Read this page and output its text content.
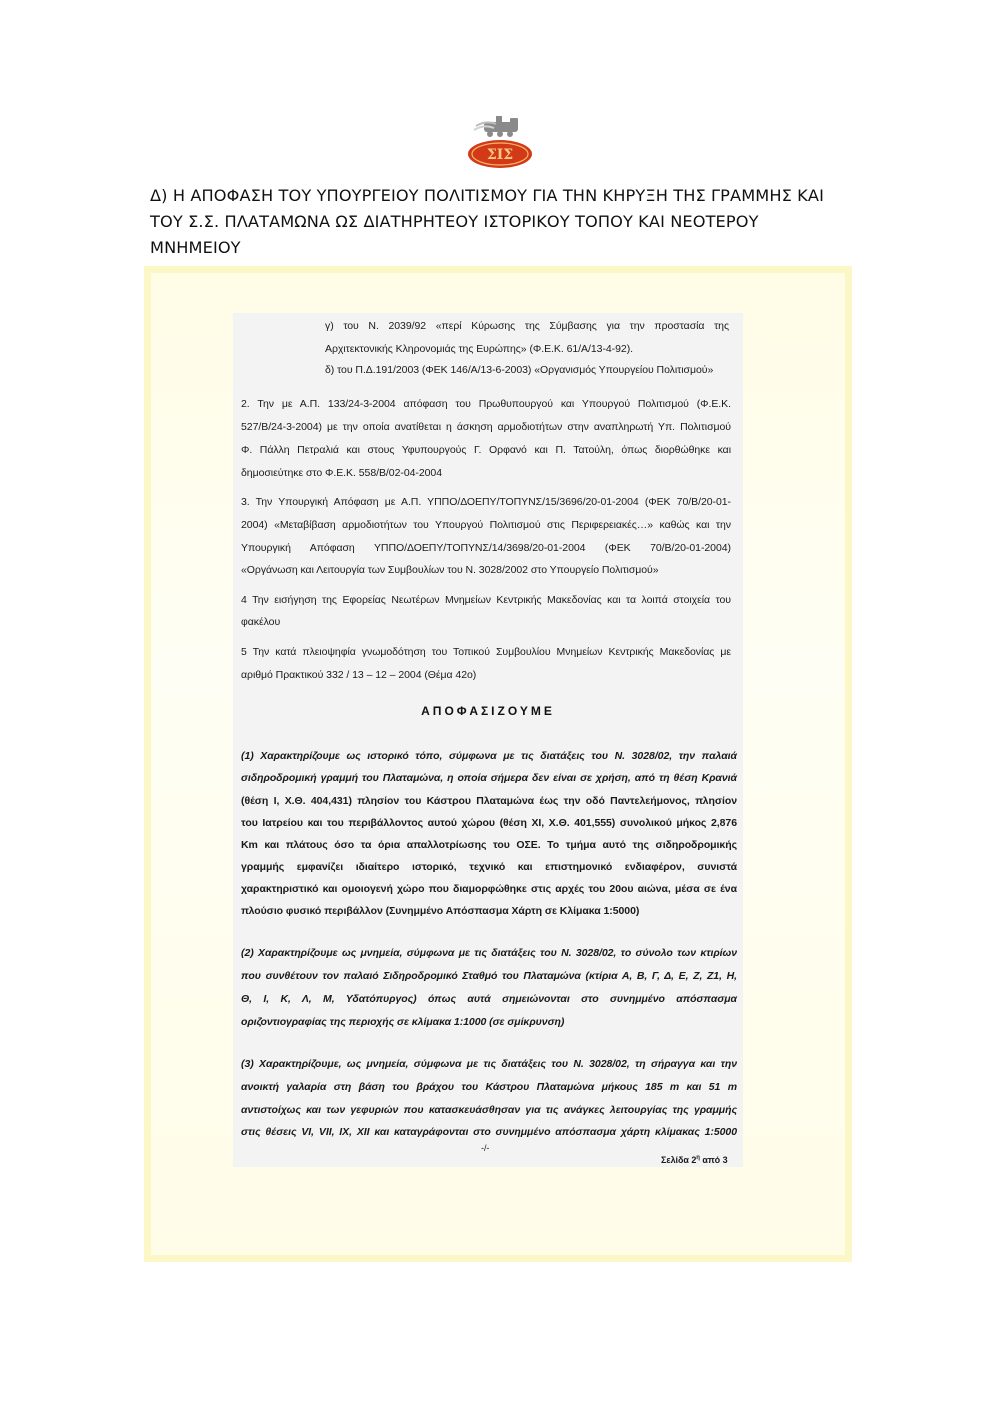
ΣΙΣ
Δ) Η ΑΠΟΦΑΣΗ ΤΟΥ ΥΠΟΥΡΓΕΙΟΥ ΠΟΛΙΤΙΣΜΟΥ ΓΙΑ ΤΗΝ ΚΗΡΥΞΗ ΤΗΣ ΓΡΑΜΜΗΣ ΚΑΙ
ΤΟΥ Σ.Σ. ΠΛΑΤΑΜΩΝΑ ΩΣ ΔΙΑΤΗΡΗΤΕΟΥ ΙΣΤΟΡΙΚΟΥ ΤΟΠΟΥ ΚΑΙ ΝΕΟΤΕΡΟΥ
ΜΝΗΜΕΙΟΥ
γ) του Ν. 2039/92 «περί Κύρωσης της Σύμβασης για την προστασία της
Αρχιτεκτονικής Κληρονομιάς της Ευρώπης» (Φ.Ε.Κ. 61/Α/13-4-92).
δ) του Π.Δ.191/2003 (ΦΕΚ 146/Α/13-6-2003) «Οργανισμός Υπουργείου Πολιτισμού»
2. Την με Α.Π. 133/24-3-2004 απόφαση του Πρωθυπουργού και Υπουργού Πολιτισμού (Φ.Ε.Κ.
527/Β/24-3-2004) με την οποία ανατίθεται η άσκηση αρμοδιοτήτων στην αναπληρωτή Υπ. Πολιτισμού
Φ. Πάλλη Πετραλιά και στους Υφυπουργούς Γ. Ορφανό και Π. Τατούλη, όπως διορθώθηκε και
δημοσιεύτηκε στο Φ.Ε.Κ. 558/Β/02-04-2004
3. Την Υπουργική Απόφαση με Α.Π. ΥΠΠΟ/ΔΟΕΠΥ/ΤΟΠΥΝΣ/15/3696/20-01-2004 (ΦΕΚ 70/Β/20-01-
2004) «Μεταβίβαση αρμοδιοτήτων του Υπουργού Πολιτισμού στις Περιφερειακές…» καθώς και την
Υπουργική Απόφαση ΥΠΠΟ/ΔΟΕΠΥ/ΤΟΠΥΝΣ/14/3698/20-01-2004 (ΦΕΚ 70/Β/20-01-2004)
«Οργάνωση και Λειτουργία των Συμβουλίων του Ν. 3028/2002 στο Υπουργείο Πολιτισμού»
4 Την εισήγηση της Εφορείας Νεωτέρων Μνημείων Κεντρικής Μακεδονίας και τα λοιπά στοιχεία του
φακέλου
5 Την κατά πλειοψηφία γνωμοδότηση του Τοπικού Συμβουλίου Μνημείων Κεντρικής Μακεδονίας με
αριθμό Πρακτικού 332 / 13 – 12 – 2004 (Θέμα 42ο)
ΑΠΟΦΑΣΙΖΟΥΜΕ
(1) Χαρακτηρίζουμε ως ιστορικό τόπο, σύμφωνα με τις διατάξεις του Ν. 3028/02, την παλαιά
σιδηροδρομική γραμμή του Πλαταμώνα, η οποία σήμερα δεν είναι σε χρήση, από τη θέση Κρανιά
(θέση Ι, Χ.Θ. 404,431) πλησίον του Κάστρου Πλαταμώνα έως την οδό Παντελεήμονος, πλησίον
του Ιατρείου και του περιβάλλοντος αυτού χώρου (θέση ΧΙ, Χ.Θ. 401,555) συνολικού μήκος 2,876
Km και πλάτους όσο τα όρια απαλλοτρίωσης του ΟΣΕ. Το τμήμα αυτό της σιδηροδρομικής
γραμμής εμφανίζει ιδιαίτερο ιστορικό, τεχνικό και επιστημονικό ενδιαφέρον, συνιστά
χαρακτηριστικό και ομοιογενή χώρο που διαμορφώθηκε στις αρχές του 20ου αιώνα, μέσα σε ένα
πλούσιο φυσικό περιβάλλον (Συνημμένο Απόσπασμα Χάρτη σε Κλίμακα 1:5000)
(2) Χαρακτηρίζουμε ως μνημεία, σύμφωνα με τις διατάξεις του Ν. 3028/02, το σύνολο των κτιρίων
που συνθέτουν τον παλαιό Σιδηροδρομικό Σταθμό του Πλαταμώνα (κτίρια Α, Β, Γ, Δ, Ε, Ζ, Ζ1, Η,
Θ, Ι, Κ, Λ, Μ, Υδατόπυργος) όπως αυτά σημειώνονται στο συνημμένο απόσπασμα
οριζοντιογραφίας της περιοχής σε κλίμακα 1:1000 (σε σμίκρυνση)
(3) Χαρακτηρίζουμε, ως μνημεία, σύμφωνα με τις διατάξεις του Ν. 3028/02, τη σήραγγα και την
ανοικτή γαλαρία στη βάση του βράχου του Κάστρου Πλαταμώνα μήκους 185 m και 51 m
αντιστοίχως και των γεφυριών που κατασκευάσθησαν για τις ανάγκες λειτουργίας της γραμμής
στις θέσεις VI, VII, IX, XII και καταγράφονται στο συνημμένο απόσπασμα χάρτη κλίμακας 1:5000
-/-
Σελίδα $2^\eta$ από 3
